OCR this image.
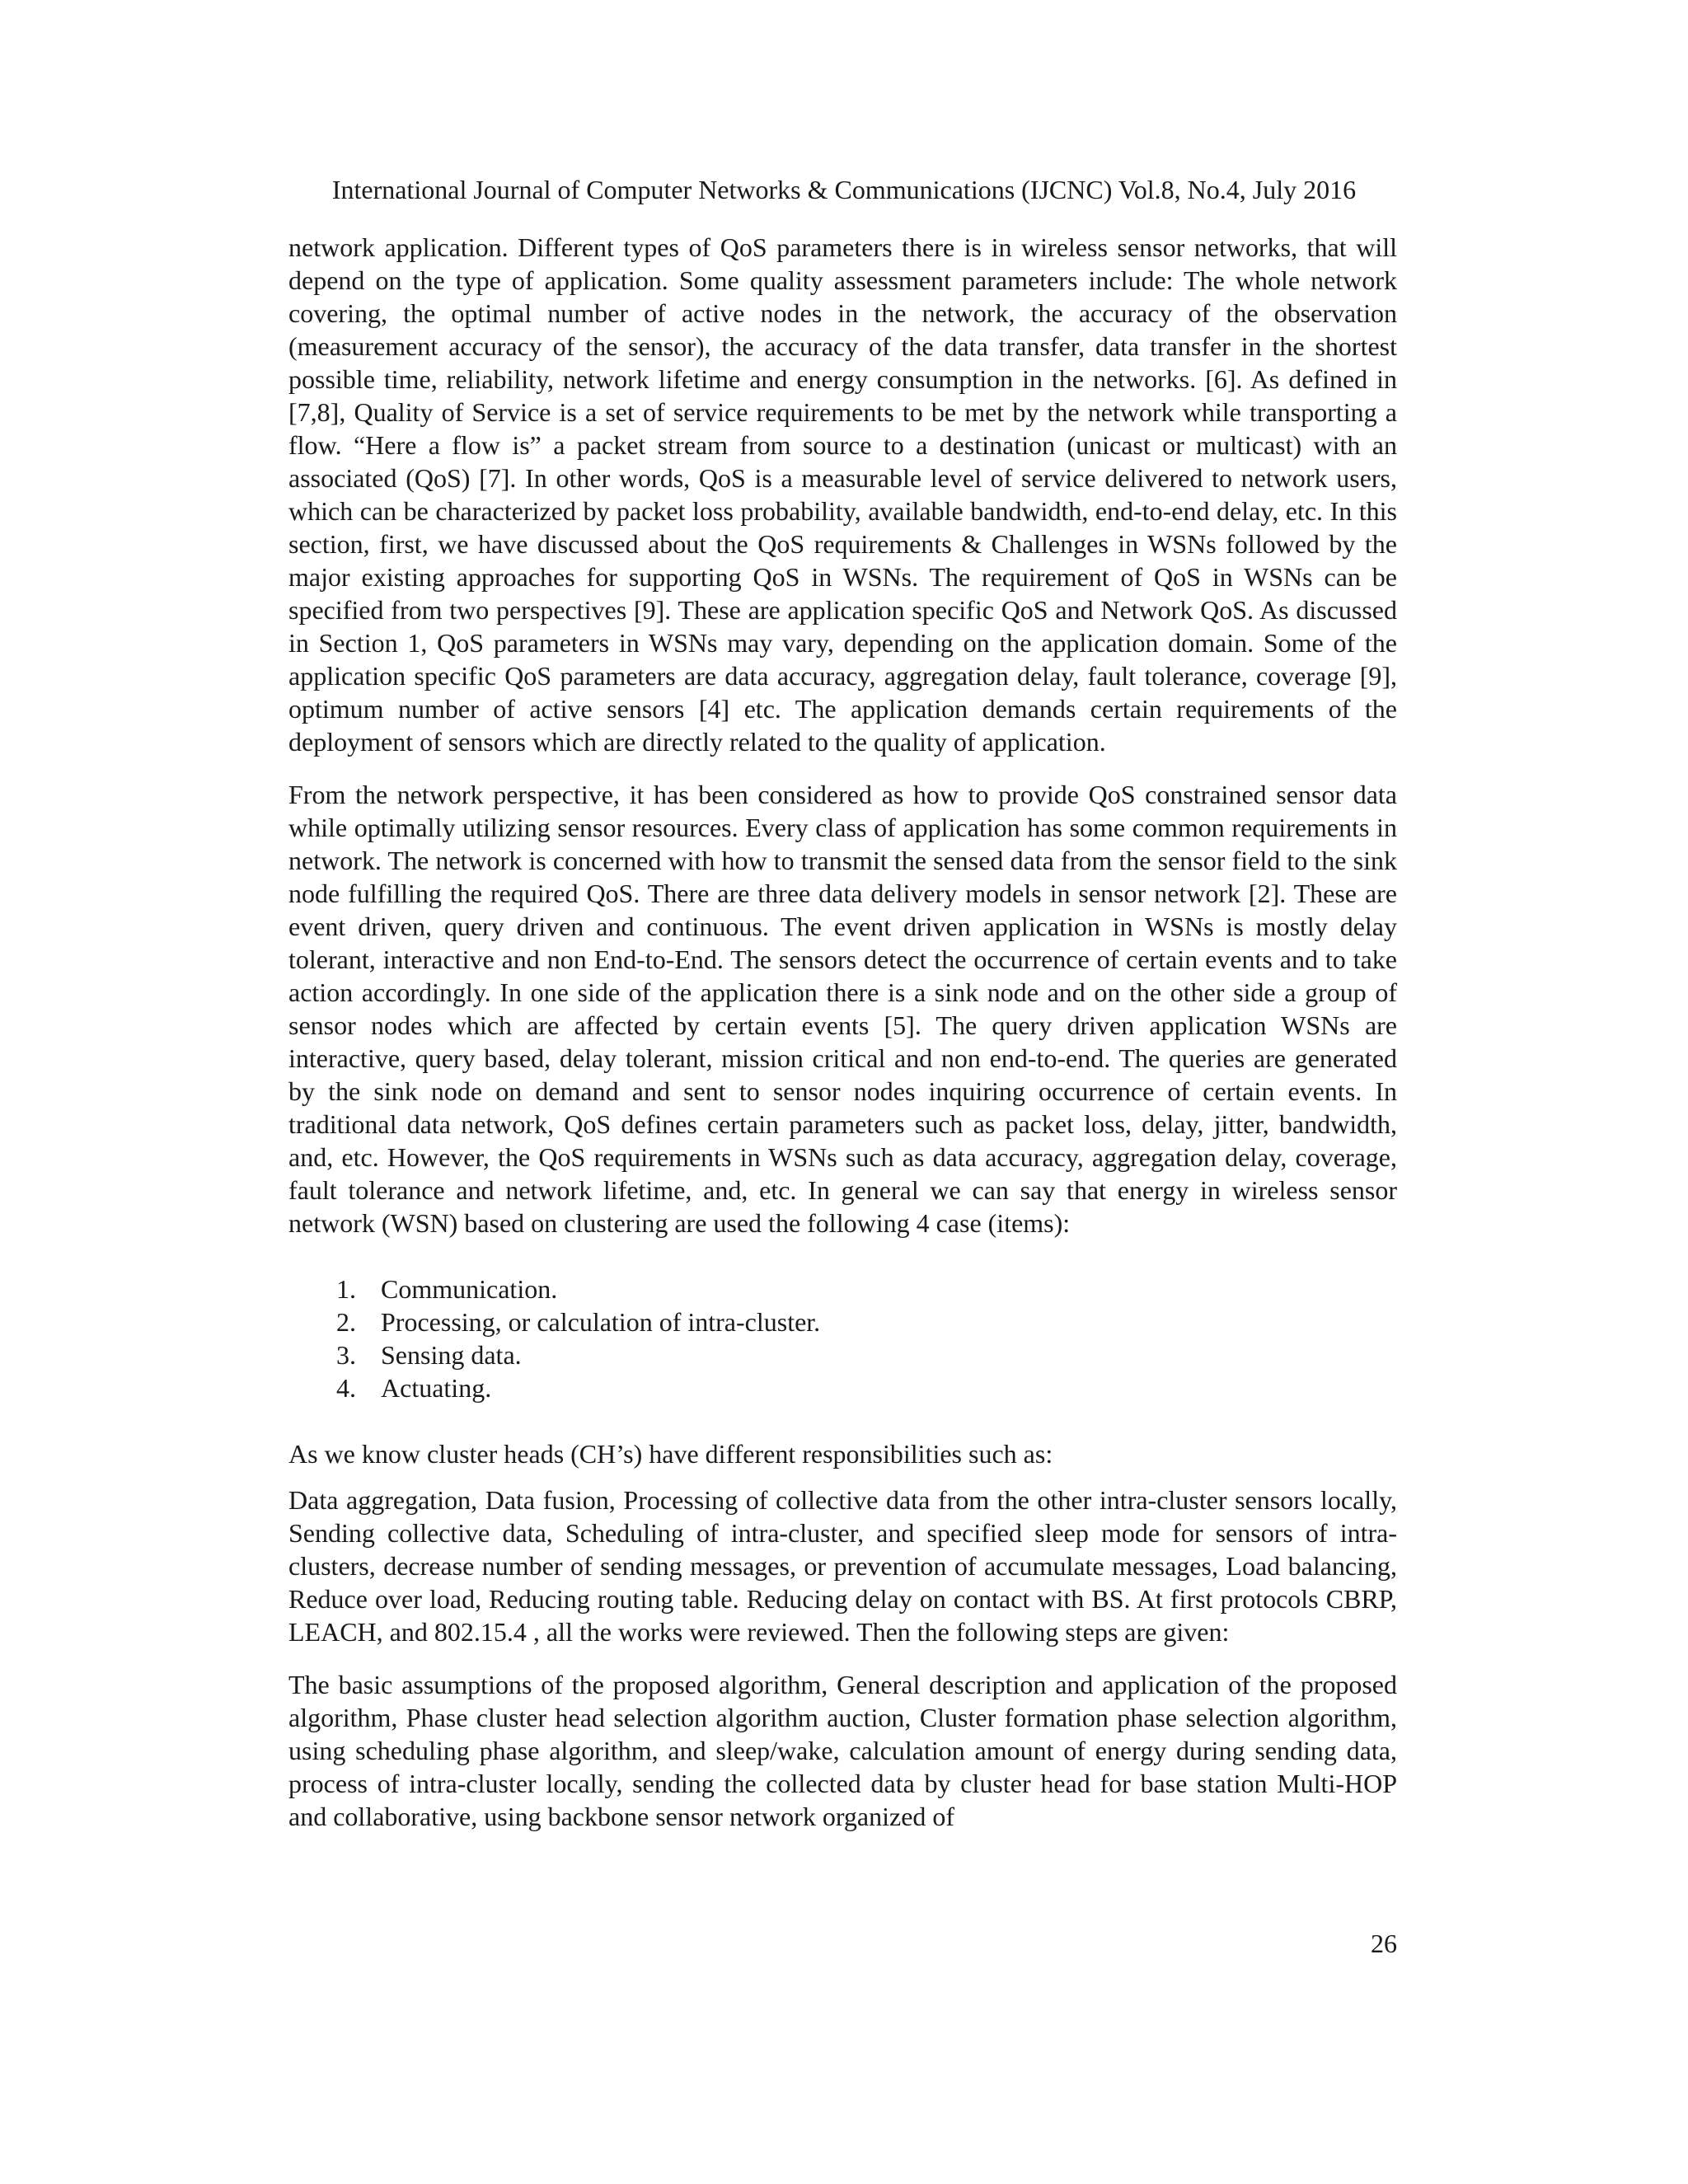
International Journal of Computer Networks & Communications (IJCNC) Vol.8, No.4, July 2016

network application. Different types of QoS parameters there is in wireless sensor networks, that will depend on the type of application. Some quality assessment parameters include: The whole network covering, the optimal number of active nodes in the network, the accuracy of the observation (measurement accuracy of the sensor), the accuracy of the data transfer, data transfer in the shortest possible time, reliability, network lifetime and energy consumption in the networks. [6]. As defined in [7,8], Quality of Service is a set of service requirements to be met by the network while transporting a flow. “Here a flow is” a packet stream from source to a destination (unicast or multicast) with an associated (QoS) [7]. In other words, QoS is a measurable level of service delivered to network users, which can be characterized by packet loss probability, available bandwidth, end-to-end delay, etc. In this section, first, we have discussed about the QoS requirements & Challenges in WSNs followed by the major existing approaches for supporting QoS in WSNs. The requirement of QoS in WSNs can be specified from two perspectives [9]. These are application specific QoS and Network QoS. As discussed in Section 1, QoS parameters in WSNs may vary, depending on the application domain. Some of the application specific QoS parameters are data accuracy, aggregation delay, fault tolerance, coverage [9], optimum number of active sensors [4] etc. The application demands certain requirements of the deployment of sensors which are directly related to the quality of application.

From the network perspective, it has been considered as how to provide QoS constrained sensor data while optimally utilizing sensor resources. Every class of application has some common requirements in network. The network is concerned with how to transmit the sensed data from the sensor field to the sink node fulfilling the required QoS. There are three data delivery models in sensor network [2]. These are event driven, query driven and continuous. The event driven application in WSNs is mostly delay tolerant, interactive and non End-to-End. The sensors detect the occurrence of certain events and to take action accordingly. In one side of the application there is a sink node and on the other side a group of sensor nodes which are affected by certain events [5]. The query driven application WSNs are interactive, query based, delay tolerant, mission critical and non end-to-end. The queries are generated by the sink node on demand and sent to sensor nodes inquiring occurrence of certain events. In traditional data network, QoS defines certain parameters such as packet loss, delay, jitter, bandwidth, and, etc. However, the QoS requirements in WSNs such as data accuracy, aggregation delay, coverage, fault tolerance and network lifetime, and, etc. In general we can say that energy in wireless sensor network (WSN) based on clustering are used the following 4 case (items):

1. Communication.
2. Processing, or calculation of intra-cluster.
3. Sensing data.
4. Actuating.

As we know cluster heads (CH’s) have different responsibilities such as:

Data aggregation, Data fusion, Processing of collective data from the other intra-cluster sensors locally, Sending collective data, Scheduling of intra-cluster, and specified sleep mode for sensors of intra-clusters, decrease number of sending messages, or prevention of accumulate messages, Load balancing, Reduce over load, Reducing routing table. Reducing delay on contact with BS. At first protocols CBRP, LEACH, and 802.15.4 , all the works were reviewed. Then the following steps are given:

The basic assumptions of the proposed algorithm, General description and application of the proposed algorithm, Phase cluster head selection algorithm auction, Cluster formation phase selection algorithm, using scheduling phase algorithm, and sleep/wake, calculation amount of energy during sending data, process of intra-cluster locally, sending the collected data by cluster head for base station Multi-HOP and collaborative, using backbone sensor network organized of

26
